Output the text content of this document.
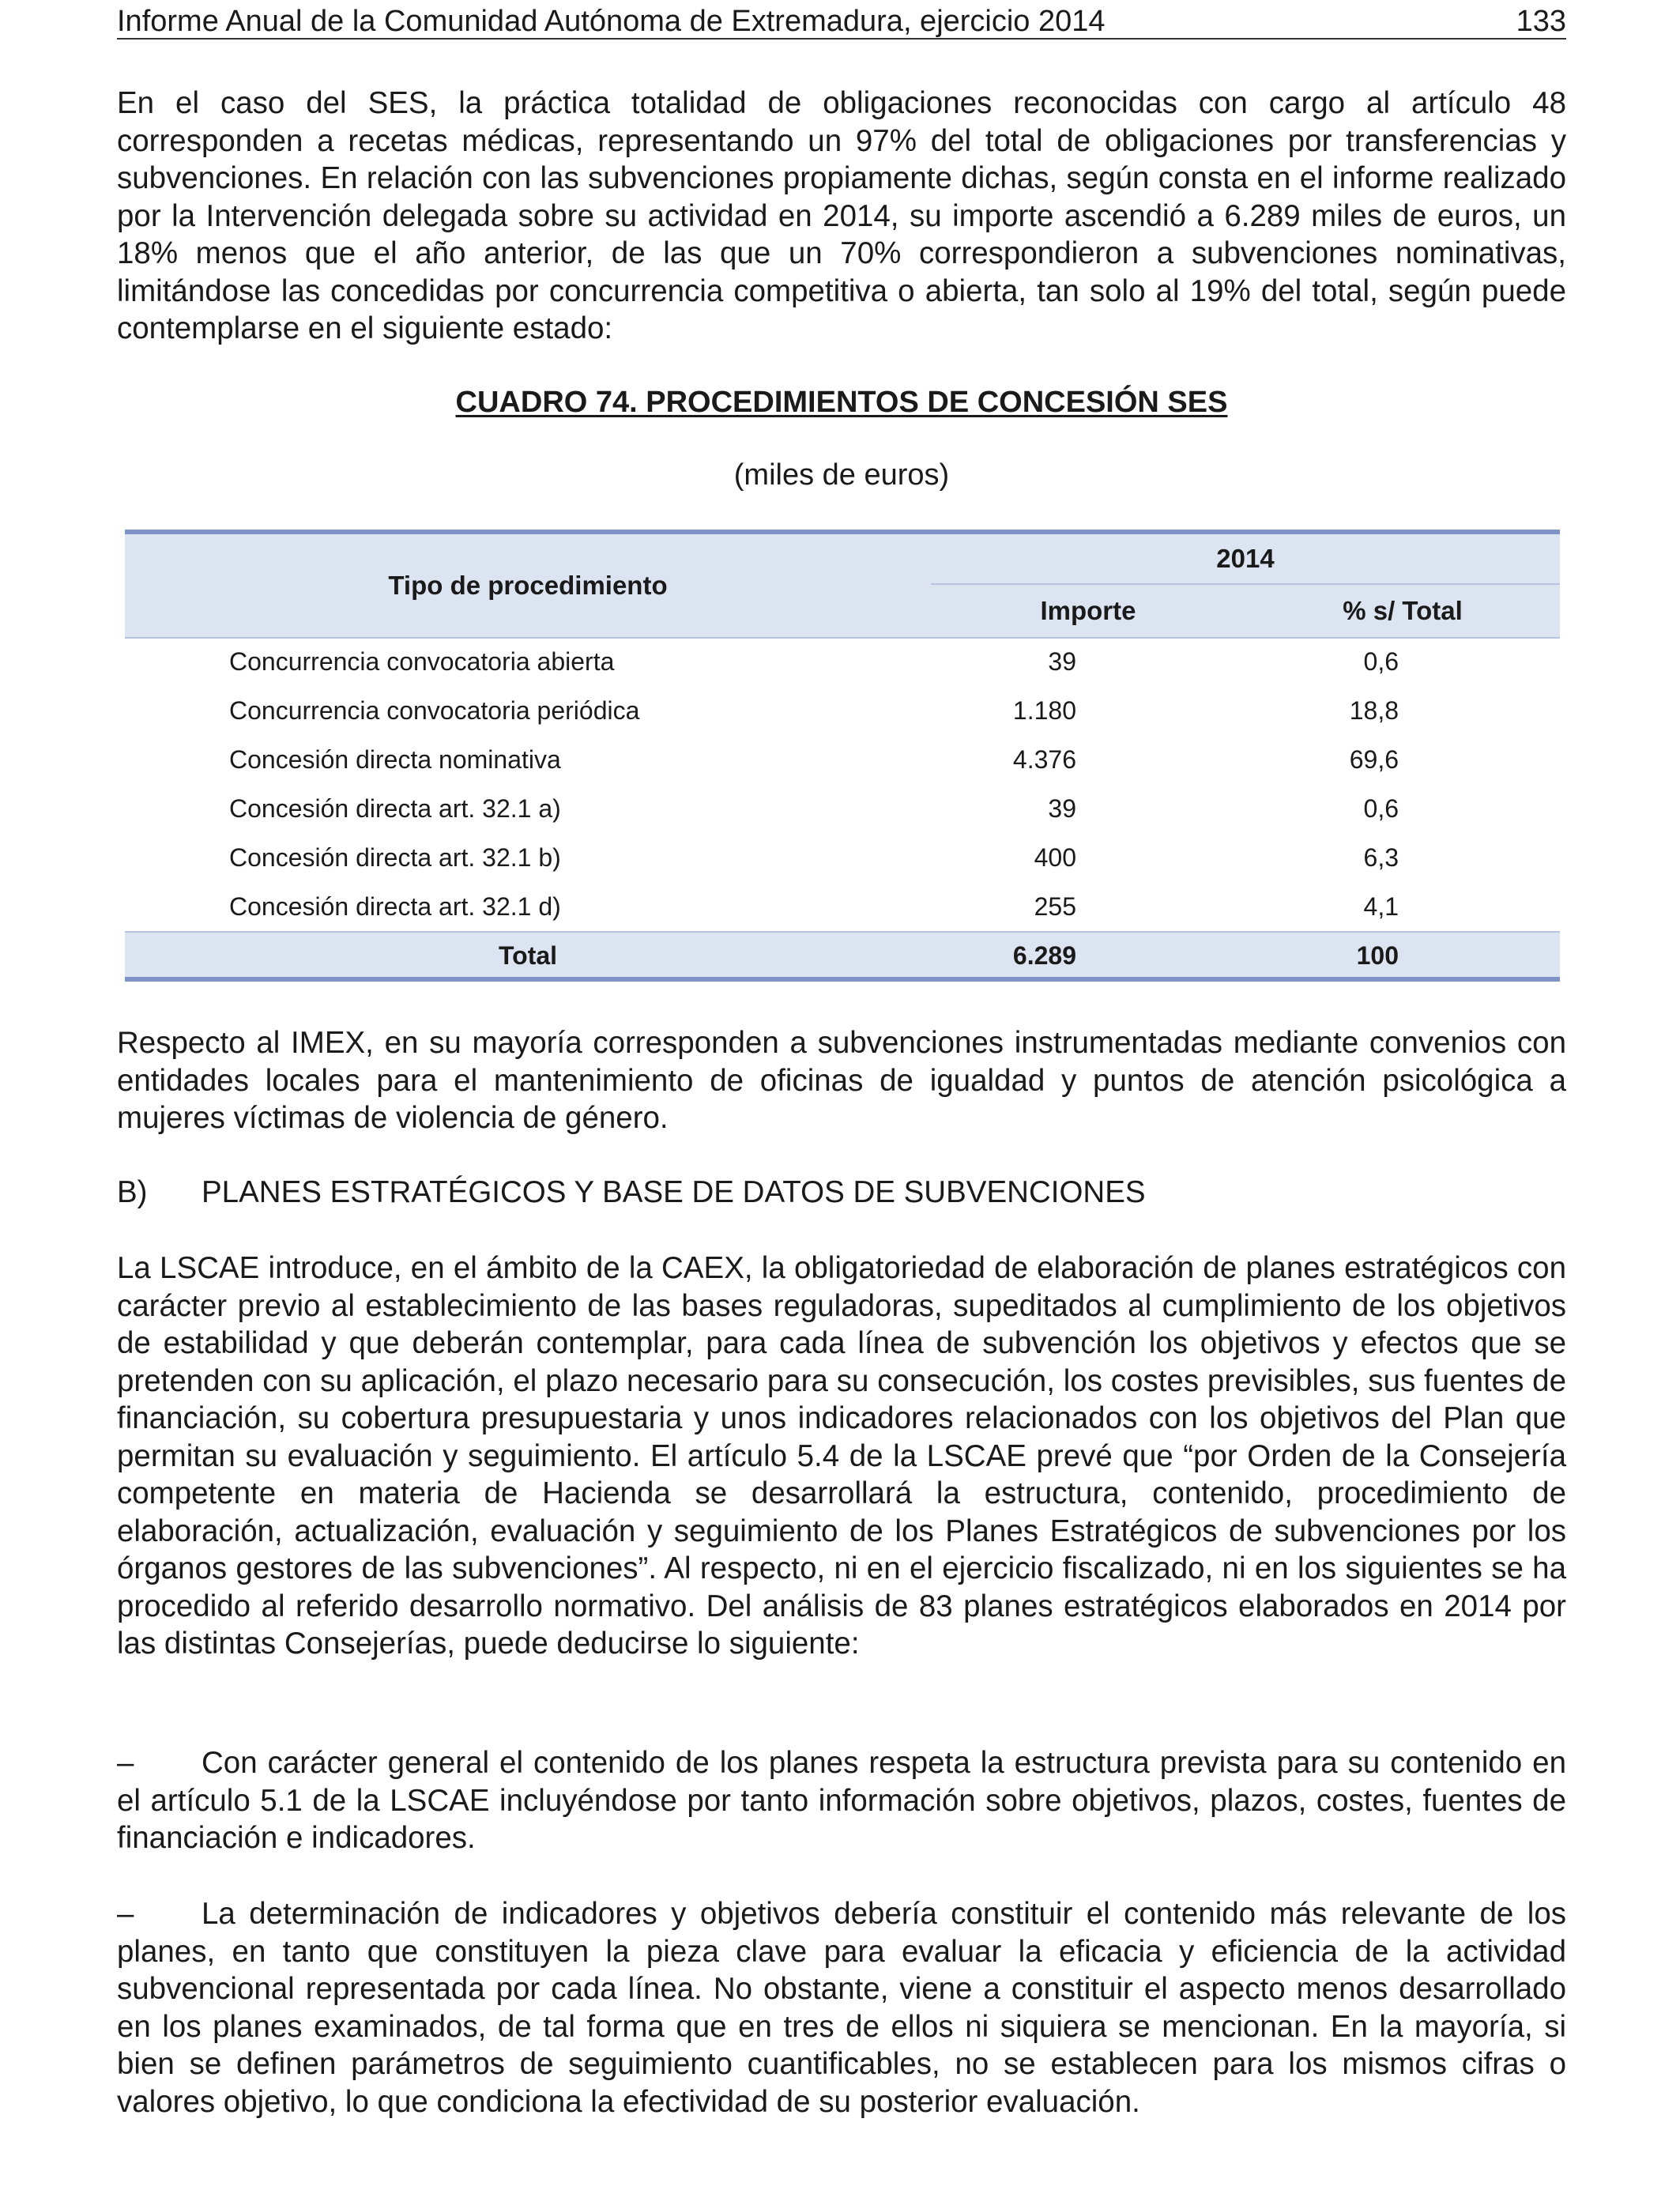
Informe Anual de la Comunidad Autónoma de Extremadura, ejercicio 2014	133
En el caso del SES, la práctica totalidad de obligaciones reconocidas con cargo al artículo 48 corresponden a recetas médicas, representando un 97% del total de obligaciones por transferencias y subvenciones. En relación con las subvenciones propiamente dichas, según consta en el informe realizado por la Intervención delegada sobre su actividad en 2014, su importe ascendió a 6.289 miles de euros, un 18% menos que el año anterior, de las que un 70% correspondieron a subvenciones nominativas, limitándose las concedidas por concurrencia competitiva o abierta, tan solo al 19% del total, según puede contemplarse en el siguiente estado:
CUADRO 74. PROCEDIMIENTOS DE CONCESIÓN SES
(miles de euros)
Tipo de procedimiento
2014
Importe	% s/ Total
Concurrencia convocatoria abierta	39	0,6
Concurrencia convocatoria periódica	1.180	18,8
Concesión directa nominativa	4.376	69,6
Concesión directa art. 32.1 a)	39	0,6
Concesión directa art. 32.1 b)	400	6,3
Concesión directa art. 32.1 d)	255	4,1
Total	6.289	100
Respecto al IMEX, en su mayoría corresponden a subvenciones instrumentadas mediante convenios con entidades locales para el mantenimiento de oficinas de igualdad y puntos de atención psicológica a mujeres víctimas de violencia de género.
B) PLANES ESTRATÉGICOS Y BASE DE DATOS DE SUBVENCIONES
La LSCAE introduce, en el ámbito de la CAEX, la obligatoriedad de elaboración de planes estratégicos con carácter previo al establecimiento de las bases reguladoras, supeditados al cumplimiento de los objetivos de estabilidad y que deberán contemplar, para cada línea de subvención los objetivos y efectos que se pretenden con su aplicación, el plazo necesario para su consecución, los costes previsibles, sus fuentes de financiación, su cobertura presupuestaria y unos indicadores relacionados con los objetivos del Plan que permitan su evaluación y seguimiento. El artículo 5.4 de la LSCAE prevé que “por Orden de la Consejería competente en materia de Hacienda se desarrollará la estructura, contenido, procedimiento de elaboración, actualización, evaluación y seguimiento de los Planes Estratégicos de subvenciones por los órganos gestores de las subvenciones”. Al respecto, ni en el ejercicio fiscalizado, ni en los siguientes se ha procedido al referido desarrollo normativo. Del análisis de 83 planes estratégicos elaborados en 2014 por las distintas Consejerías, puede deducirse lo siguiente:
– Con carácter general el contenido de los planes respeta la estructura prevista para su contenido en el artículo 5.1 de la LSCAE incluyéndose por tanto información sobre objetivos, plazos, costes, fuentes de financiación e indicadores.
– La determinación de indicadores y objetivos debería constituir el contenido más relevante de los planes, en tanto que constituyen la pieza clave para evaluar la eficacia y eficiencia de la actividad subvencional representada por cada línea. No obstante, viene a constituir el aspecto menos desarrollado en los planes examinados, de tal forma que en tres de ellos ni siquiera se mencionan. En la mayoría, si bien se definen parámetros de seguimiento cuantificables, no se establecen para los mismos cifras o valores objetivo, lo que condiciona la efectividad de su posterior evaluación.
